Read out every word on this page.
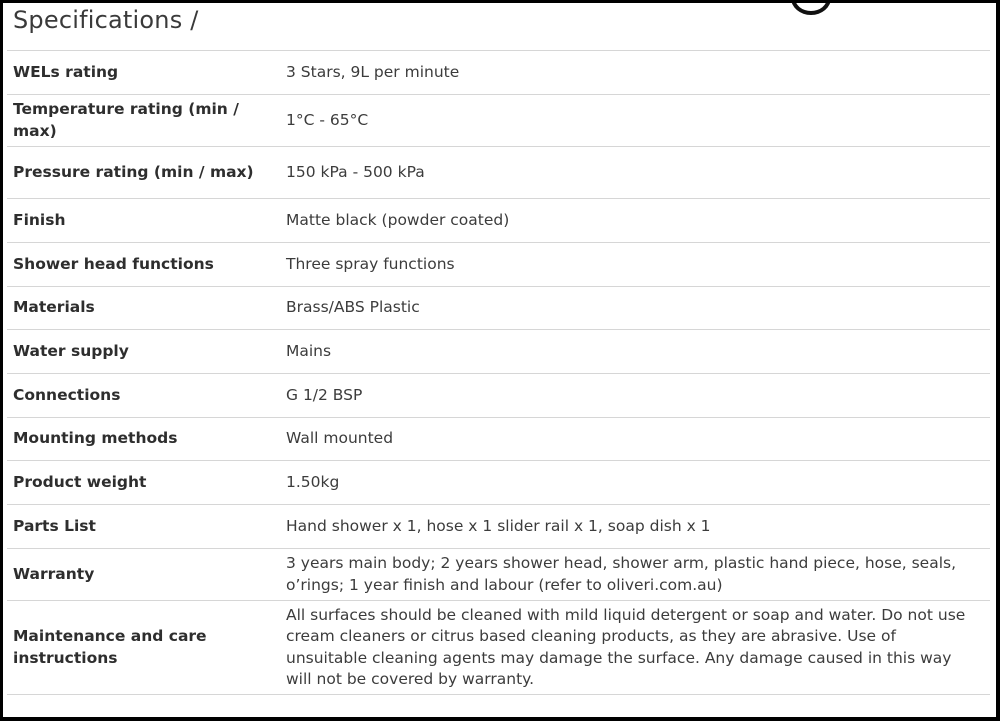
Specifications /
WELs rating	3 Stars, 9L per minute
Temperature rating (min / max)	1°C - 65°C
Pressure rating (min / max)	150 kPa - 500 kPa
Finish	Matte black (powder coated)
Shower head functions	Three spray functions
Materials	Brass/ABS Plastic
Water supply	Mains
Connections	G 1/2 BSP
Mounting methods	Wall mounted
Product weight	1.50kg
Parts List	Hand shower x 1, hose x 1 slider rail x 1, soap dish x 1
Warranty	3 years main body; 2 years shower head, shower arm, plastic hand piece, hose, seals, o’rings; 1 year finish and labour (refer to oliveri.com.au)
Maintenance and care instructions	All surfaces should be cleaned with mild liquid detergent or soap and water. Do not use cream cleaners or citrus based cleaning products, as they are abrasive. Use of unsuitable cleaning agents may damage the surface. Any damage caused in this way will not be covered by warranty.
